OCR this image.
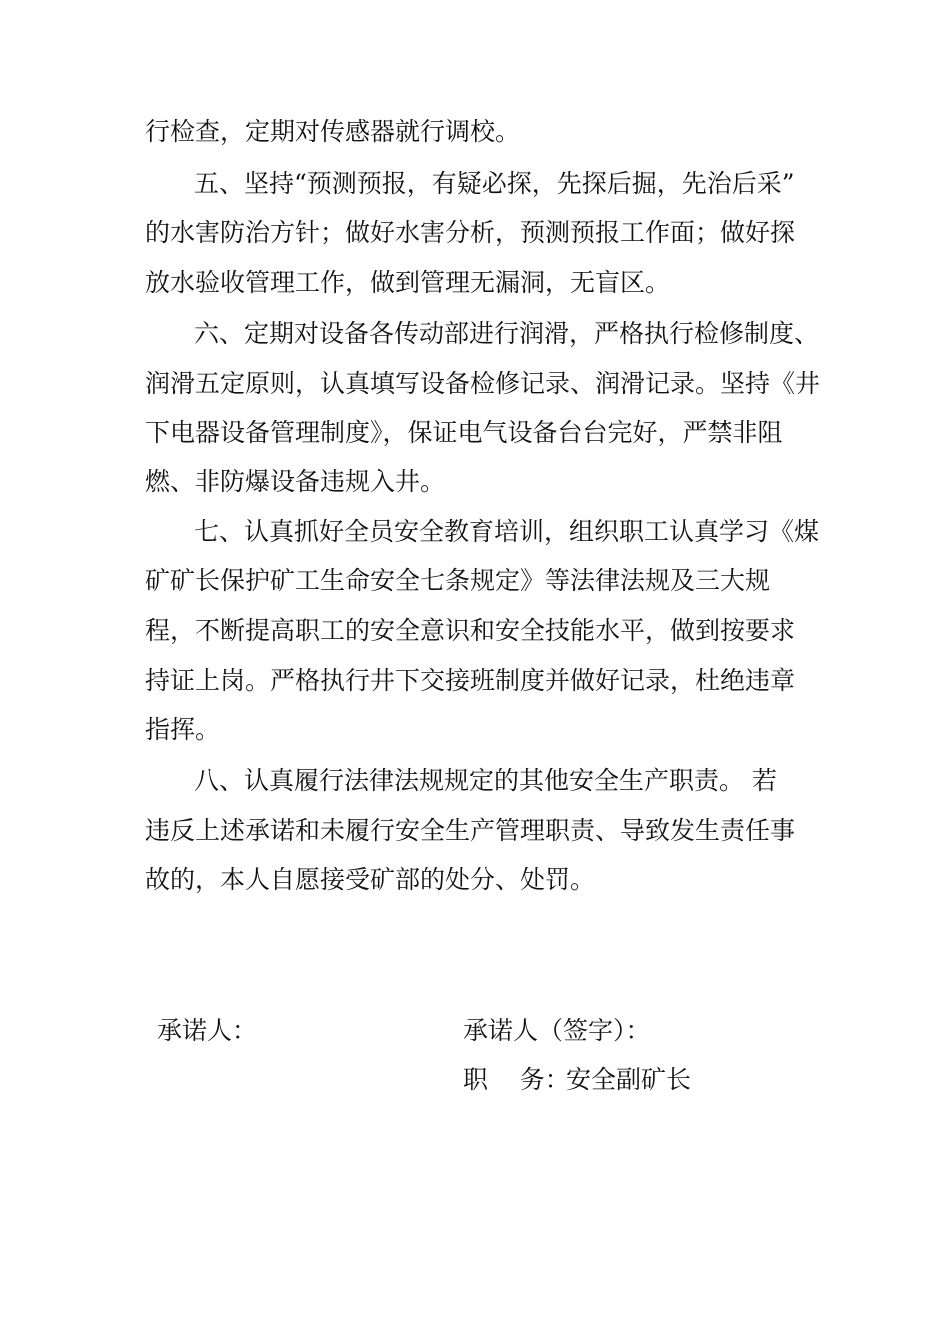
行检查，定期对传感器就行调校。
五、坚持“预测预报，有疑必探，先探后掘，先治后采”
的水害防治方针；做好水害分析，预测预报工作面；做好探
放水验收管理工作，做到管理无漏洞，无盲区。
六、定期对设备各传动部进行润滑，严格执行检修制度、
润滑五定原则，认真填写设备检修记录、润滑记录。坚持《井
下电器设备管理制度》，保证电气设备台台完好，严禁非阻
燃、非防爆设备违规入井。
七、认真抓好全员安全教育培训，组织职工认真学习《煤
矿矿长保护矿工生命安全七条规定》等法律法规及三大规
程，不断提高职工的安全意识和安全技能水平，做到按要求
持证上岗。严格执行井下交接班制度并做好记录，杜绝违章
指挥。
八、认真履行法律法规规定的其他安全生产职责。 若
违反上述承诺和未履行安全生产管理职责、导致发生责任事
故的，本人自愿接受矿部的处分、处罚。
承诺人：	承诺人（签字）：
职    务：
安全副矿长
